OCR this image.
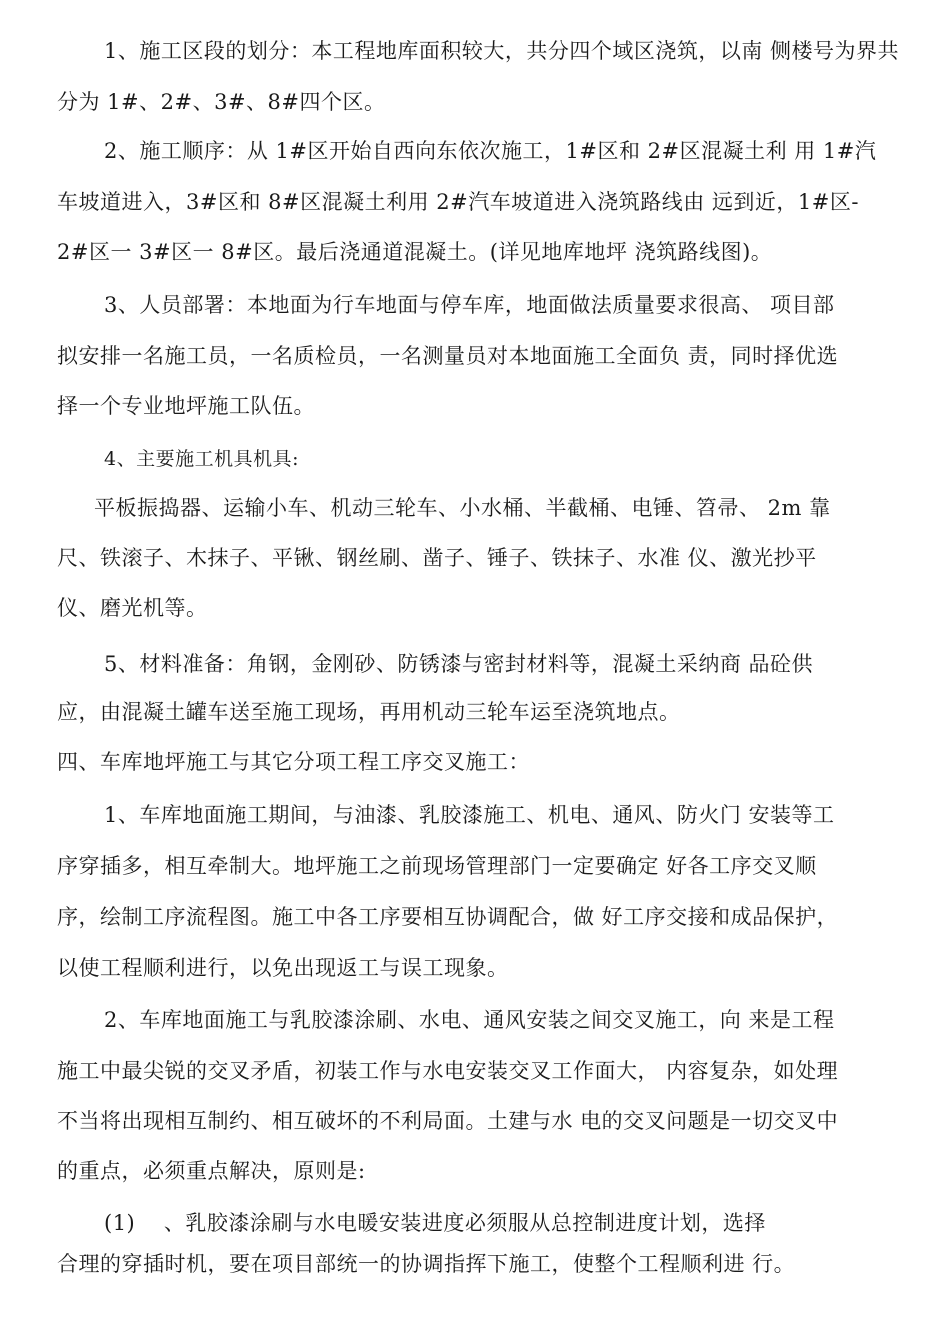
1、施工区段的划分：本工程地库面积较大，共分四个域区浇筑，以南 侧楼号为界共
分为 1#、2#、3#、8#四个区。
2、施工顺序：从 1#区开始自西向东依次施工，1#区和 2#区混凝土利 用 1#汽
车坡道进入，3#区和 8#区混凝土利用 2#汽车坡道进入浇筑路线由 远到近，1#区-
2#区一 3#区一 8#区。最后浇通道混凝土。(详见地库地坪 浇筑路线图)。
3、人员部署：本地面为行车地面与停车库，地面做法质量要求很高、 项目部
拟安排一名施工员，一名质检员，一名测量员对本地面施工全面负 责，同时择优选
择一个专业地坪施工队伍。
4、主要施工机具机具:
平板振捣器、运输小车、机动三轮车、小水桶、半截桶、电锤、笤帚、 2m 靠
尺、铁滚子、木抹子、平锹、钢丝刷、凿子、锤子、铁抹子、水准 仪、激光抄平
仪、磨光机等。
5、材料准备：角钢，金刚砂、防锈漆与密封材料等，混凝土采纳商 品砼供
应，由混凝土罐车送至施工现场，再用机动三轮车运至浇筑地点。
四、车库地坪施工与其它分项工程工序交叉施工：
1、车库地面施工期间，与油漆、乳胶漆施工、机电、通风、防火门 安装等工
序穿插多，相互牵制大。地坪施工之前现场管理部门一定要确定 好各工序交叉顺
序，绘制工序流程图。施工中各工序要相互协调配合，做 好工序交接和成品保护，
以使工程顺利进行，以免出现返工与误工现象。
2、车库地面施工与乳胶漆涂刷、水电、通风安装之间交叉施工，向 来是工程
施工中最尖锐的交叉矛盾，初装工作与水电安装交叉工作面大， 内容复杂，如处理
不当将出现相互制约、相互破坏的不利局面。土建与水 电的交叉问题是一切交叉中
的重点，必须重点解决，原则是:
(1)　 、乳胶漆涂刷与水电暖安装进度必须服从总控制进度计划，选择
合理的穿插时机，要在项目部统一的协调指挥下施工，使整个工程顺利进 行。
